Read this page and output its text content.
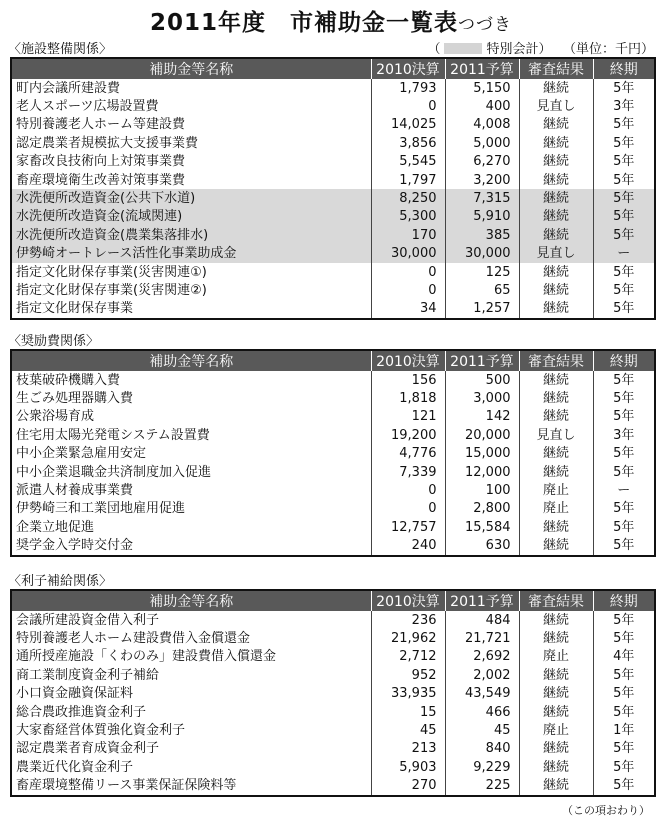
2011年度　市補助金一覧表つづき
〈施設整備関係〉	（	特別会計） （単位：千円）
補助金等名称	2010決算	2011予算	審査結果	終期
町内会議所建設費	1,793	5,150	継続	5年
老人スポーツ広場設置費	0	400	見直し	3年
特別養護老人ホーム等建設費	14,025	4,008	継続	5年
認定農業者規模拡大支援事業費	3,856	5,000	継続	5年
家畜改良技術向上対策事業費	5,545	6,270	継続	5年
畜産環境衛生改善対策事業費	1,797	3,200	継続	5年
水洗便所改造資金(公共下水道)	8,250	7,315	継続	5年
水洗便所改造資金(流域関連)	5,300	5,910	継続	5年
水洗便所改造資金(農業集落排水)	170	385	継続	5年
伊勢崎オートレース活性化事業助成金	30,000	30,000	見直し	ー
指定文化財保存事業(災害関連①)	0	125	継続	5年
指定文化財保存事業(災害関連②)	0	65	継続	5年
指定文化財保存事業	34	1,257	継続	5年
〈奨励費関係〉
補助金等名称	2010決算	2011予算	審査結果	終期
枝葉破砕機購入費	156	500	継続	5年
生ごみ処理器購入費	1,818	3,000	継続	5年
公衆浴場育成	121	142	継続	5年
住宅用太陽光発電システム設置費	19,200	20,000	見直し	3年
中小企業緊急雇用安定	4,776	15,000	継続	5年
中小企業退職金共済制度加入促進	7,339	12,000	継続	5年
派遣人材養成事業費	0	100	廃止	ー
伊勢崎三和工業団地雇用促進	0	2,800	廃止	5年
企業立地促進	12,757	15,584	継続	5年
奨学金入学時交付金	240	630	継続	5年
〈利子補給関係〉
補助金等名称	2010決算	2011予算	審査結果	終期
会議所建設資金借入利子	236	484	継続	5年
特別養護老人ホーム建設費借入金償還金	21,962	21,721	継続	5年
通所授産施設「くわのみ」建設費借入償還金	2,712	2,692	廃止	4年
商工業制度資金利子補給	952	2,002	継続	5年
小口資金融資保証料	33,935	43,549	継続	5年
総合農政推進資金利子	15	466	継続	5年
大家畜経営体質強化資金利子	45	45	廃止	1年
認定農業者育成資金利子	213	840	継続	5年
農業近代化資金利子	5,903	9,229	継続	5年
畜産環境整備リース事業保証保険料等	270	225	継続	5年
（この項おわり）
